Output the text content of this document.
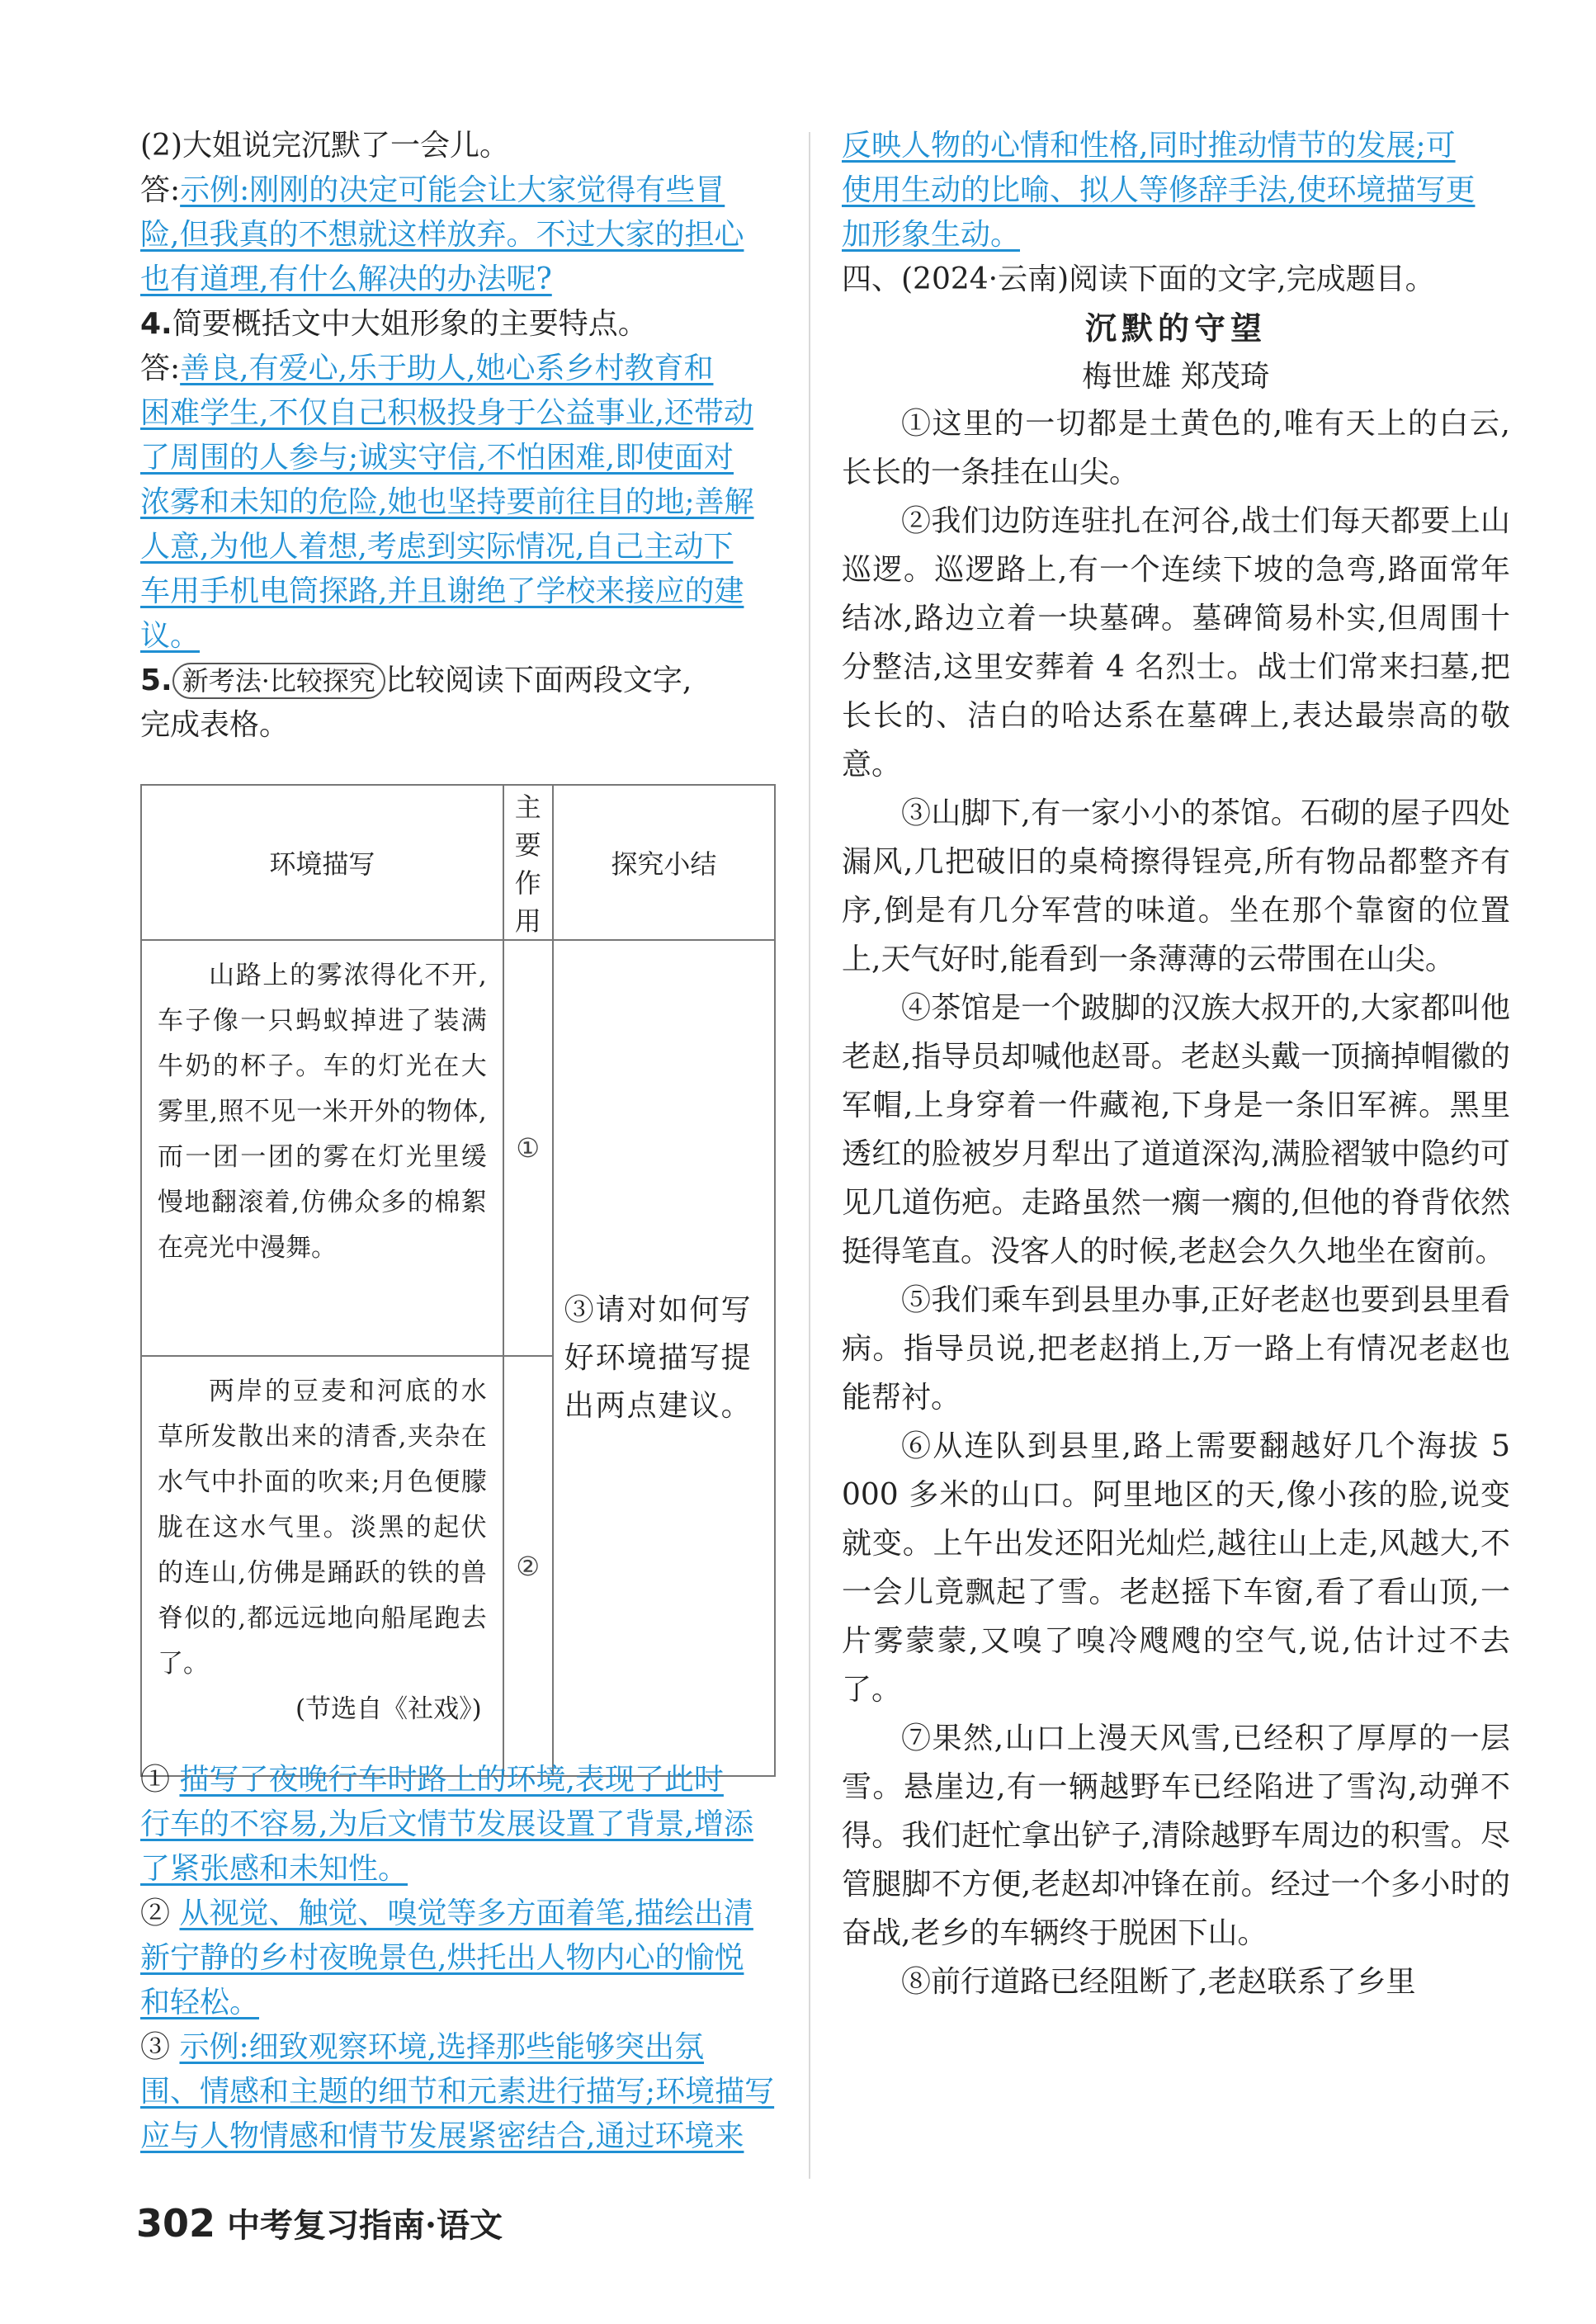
(2)大姐说完沉默了一会儿。
答:示例:刚刚的决定可能会让大家觉得有些冒
险,但我真的不想就这样放弃。不过大家的担心
也有道理,有什么解决的办法呢?
4.简要概括文中大姐形象的主要特点。
答:善良,有爱心,乐于助人,她心系乡村教育和
困难学生,不仅自己积极投身于公益事业,还带动
了周围的人参与;诚实守信,不怕困难,即使面对
浓雾和未知的危险,她也坚持要前往目的地;善解
人意,为他人着想,考虑到实际情况,自己主动下
车用手机电筒探路,并且谢绝了学校来接应的建
议。
5. 新考法·比较探究 比较阅读下面两段文字,
完成表格。
环境描写	主要
作用	探究小结

山路上的雾浓得化不开,车子像一只蚂蚁掉进了装满牛奶的杯子。车的灯光在大雾里,照不见一米开外的物体,而一团一团的雾在灯光里缓慢地翻滚着,仿佛众多的棉絮在亮光中漫舞。	①	③请对如何写好环境描写提出两点建议。

两岸的豆麦和河底的水草所发散出来的清香,夹杂在水气中扑面的吹来;月色便朦胧在这水气里。淡黑的起伏的连山,仿佛是踊跃的铁的兽脊似的,都远远地向船尾跑去了。
(节选自《社戏》)	②	
① 描写了夜晚行车时路上的环境,表现了此时
行车的不容易,为后文情节发展设置了背景,增添
了紧张感和未知性。
② 从视觉、触觉、嗅觉等多方面着笔,描绘出清
新宁静的乡村夜晚景色,烘托出人物内心的愉悦
和轻松。
③ 示例:细致观察环境,选择那些能够突出氛
围、情感和主题的细节和元素进行描写;环境描写
应与人物情感和情节发展紧密结合,通过环境来
反映人物的心情和性格,同时推动情节的发展;可
使用生动的比喻、拟人等修辞手法,使环境描写更
加形象生动。
四、(2024·云南)阅读下面的文字,完成题目。
沉默的守望
梅世雄 郑茂琦

①这里的一切都是土黄色的,唯有天上的白云,长长的一条挂在山尖。

②我们边防连驻扎在河谷,战士们每天都要上山巡逻。巡逻路上,有一个连续下坡的急弯,路面常年结冰,路边立着一块墓碑。墓碑简易朴实,但周围十分整洁,这里安葬着 4 名烈士。战士们常来扫墓,把长长的、洁白的哈达系在墓碑上,表达最崇高的敬意。

③山脚下,有一家小小的茶馆。石砌的屋子四处漏风,几把破旧的桌椅擦得锃亮,所有物品都整齐有序,倒是有几分军营的味道。坐在那个靠窗的位置上,天气好时,能看到一条薄薄的云带围在山尖。

④茶馆是一个跛脚的汉族大叔开的,大家都叫他老赵,指导员却喊他赵哥。老赵头戴一顶摘掉帽徽的军帽,上身穿着一件藏袍,下身是一条旧军裤。黑里透红的脸被岁月犁出了道道深沟,满脸褶皱中隐约可见几道伤疤。走路虽然一瘸一瘸的,但他的脊背依然挺得笔直。没客人的时候,老赵会久久地坐在窗前。

⑤我们乘车到县里办事,正好老赵也要到县里看病。指导员说,把老赵捎上,万一路上有情况老赵也能帮衬。

⑥从连队到县里,路上需要翻越好几个海拔 5 000 多米的山口。阿里地区的天,像小孩的脸,说变就变。上午出发还阳光灿烂,越往山上走,风越大,不一会儿竟飘起了雪。老赵摇下车窗,看了看山顶,一片雾蒙蒙,又嗅了嗅冷飕飕的空气,说,估计过不去了。

⑦果然,山口上漫天风雪,已经积了厚厚的一层雪。悬崖边,有一辆越野车已经陷进了雪沟,动弹不得。我们赶忙拿出铲子,清除越野车周边的积雪。尽管腿脚不方便,老赵却冲锋在前。经过一个多小时的奋战,老乡的车辆终于脱困下山。

⑧前行道路已经阻断了,老赵联系了乡里

302 中考复习指南·语文
